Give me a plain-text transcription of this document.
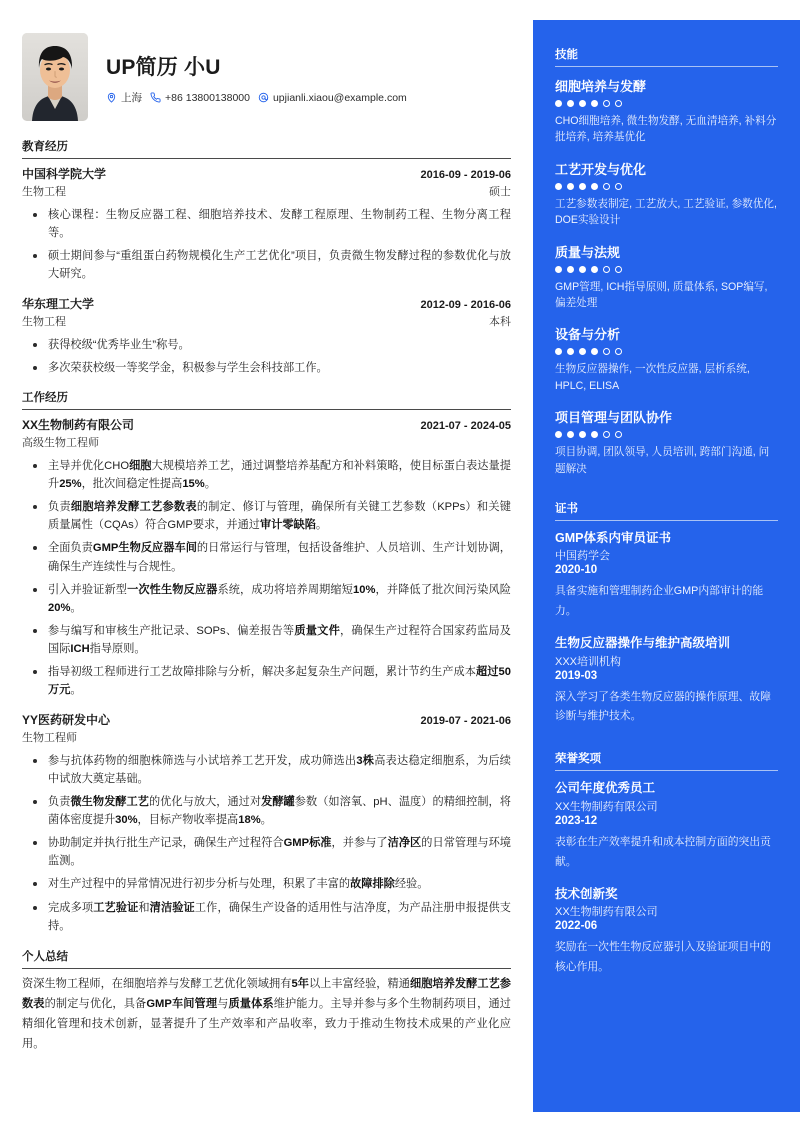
UP简历 小U
上海 +86 13800138000 upjianli.xiaou@example.com
教育经历
中国科学院大学	2016-09 - 2019-06
生物工程	硕士
核心课程：生物反应器工程、细胞培养技术、发酵工程原理、生物制药工程、生物分离工程等。
硕士期间参与“重组蛋白药物规模化生产工艺优化”项目，负责微生物发酵过程的参数优化与放大研究。
华东理工大学	2012-09 - 2016-06
生物工程	本科
获得校级“优秀毕业生”称号。
多次荣获校级一等奖学金，积极参与学生会科技部工作。
工作经历
XX生物制药有限公司	2021-07 - 2024-05
高级生物工程师
主导并优化CHO细胞大规模培养工艺，通过调整培养基配方和补料策略，使目标蛋白表达量提升25%，批次间稳定性提高15%。
负责细胞培养发酵工艺参数表的制定、修订与管理，确保所有关键工艺参数（KPPs）和关键质量属性（CQAs）符合GMP要求，并通过审计零缺陷。
全面负责GMP生物反应器车间的日常运行与管理，包括设备维护、人员培训、生产计划协调，确保生产连续性与合规性。
引入并验证新型一次性生物反应器系统，成功将培养周期缩短10%，并降低了批次间污染风险20%。
参与编写和审核生产批记录、SOPs、偏差报告等质量文件，确保生产过程符合国家药监局及国际ICH指导原则。
指导初级工程师进行工艺故障排除与分析，解决多起复杂生产问题，累计节约生产成本超过50万元。
YY医药研发中心	2019-07 - 2021-06
生物工程师
参与抗体药物的细胞株筛选与小试培养工艺开发，成功筛选出3株高表达稳定细胞系，为后续中试放大奠定基础。
负责微生物发酵工艺的优化与放大，通过对发酵罐参数（如溶氧、pH、温度）的精细控制，将菌体密度提升30%，目标产物收率提高18%。
协助制定并执行批生产记录，确保生产过程符合GMP标准，并参与了洁净区的日常管理与环境监测。
对生产过程中的异常情况进行初步分析与处理，积累了丰富的故障排除经验。
完成多项工艺验证和清洁验证工作，确保生产设备的适用性与洁净度，为产品注册申报提供支持。
个人总结
资深生物工程师，在细胞培养与发酵工艺优化领域拥有5年以上丰富经验，精通细胞培养发酵工艺参数表的制定与优化，具备GMP车间管理与质量体系维护能力。主导并参与多个生物制药项目，通过精细化管理和技术创新，显著提升了生产效率和产品收率，致力于推动生物技术成果的产业化应用。
技能
细胞培养与发酵
CHO细胞培养, 微生物发酵, 无血清培养, 补料分批培养, 培养基优化
工艺开发与优化
工艺参数表制定, 工艺放大, 工艺验证, 参数优化, DOE实验设计
质量与法规
GMP管理, ICH指导原则, 质量体系, SOP编写, 偏差处理
设备与分析
生物反应器操作, 一次性反应器, 层析系统, HPLC, ELISA
项目管理与团队协作
项目协调, 团队领导, 人员培训, 跨部门沟通, 问题解决
证书
GMP体系内审员证书
中国药学会
2020-10
具备实施和管理制药企业GMP内部审计的能力。
生物反应器操作与维护高级培训
XXX培训机构
2019-03
深入学习了各类生物反应器的操作原理、故障诊断与维护技术。
荣誉奖项
公司年度优秀员工
XX生物制药有限公司
2023-12
表彰在生产效率提升和成本控制方面的突出贡献。
技术创新奖
XX生物制药有限公司
2022-06
奖励在一次性生物反应器引入及验证项目中的核心作用。
